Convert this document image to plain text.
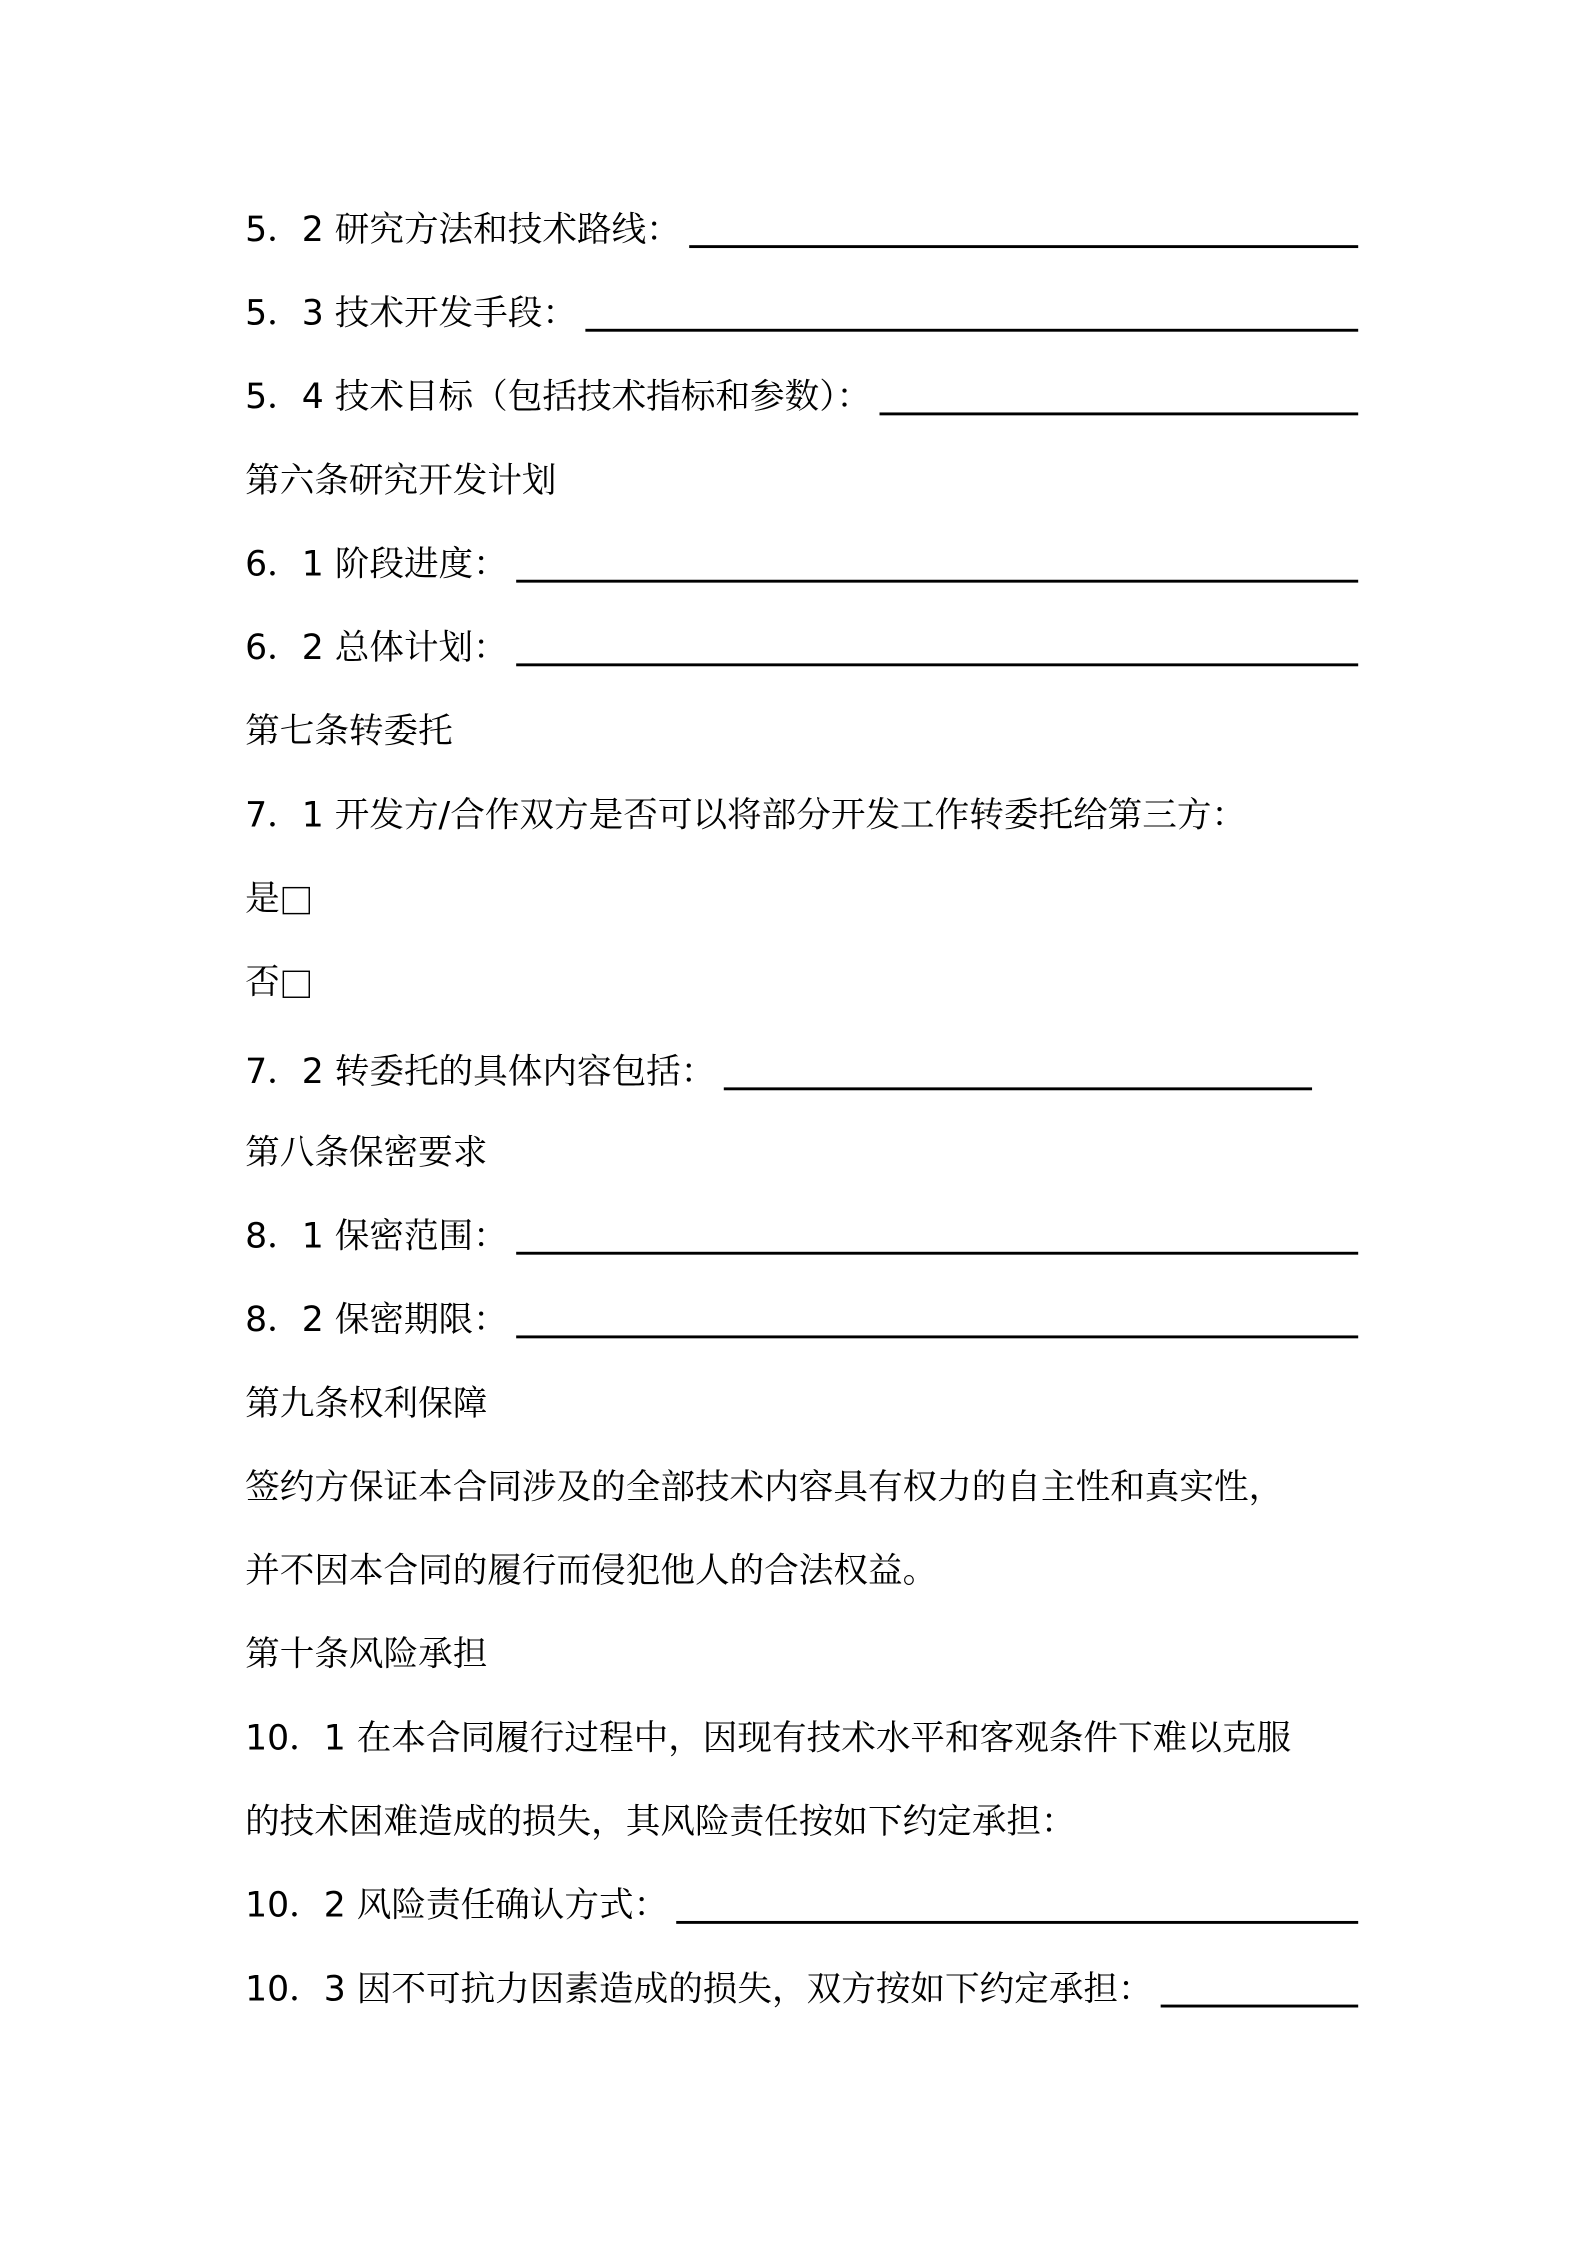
5．2 研究方法和技术路线：
5．3 技术开发手段：
5．4 技术目标（包括技术指标和参数）：
第六条研究开发计划
6．1 阶段进度：
6．2 总体计划：
第七条转委托
7．1 开发方/合作双方是否可以将部分开发工作转委托给第三方：
是
否
7．2 转委托的具体内容包括：
第八条保密要求
8．1 保密范围：
8．2 保密期限：
第九条权利保障
签约方保证本合同涉及的全部技术内容具有权力的自主性和真实性，
并不因本合同的履行而侵犯他人的合法权益。
第十条风险承担
10．1 在本合同履行过程中，因现有技术水平和客观条件下难以克服
的技术困难造成的损失，其风险责任按如下约定承担：
10．2 风险责任确认方式：
10．3 因不可抗力因素造成的损失，双方按如下约定承担：
